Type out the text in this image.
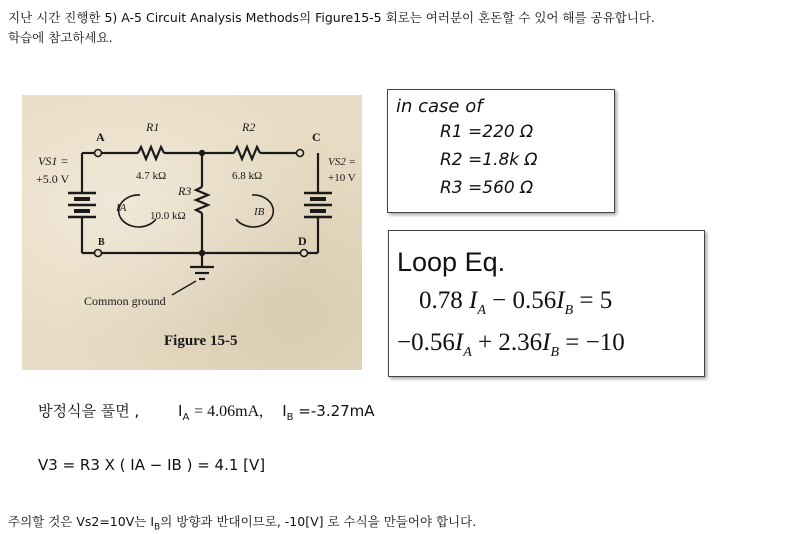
지난 시간 진행한 5) A-5 Circuit Analysis Methods의 Figure15-5 회로는 여러분이 혼돈할 수 있어 해를 공유합니다.
학습에 참고하세요.
A
B
C
D
R1
4.7 kΩ
R2
6.8 kΩ
R3
10.0 kΩ
VS1 =
+5.0 V
VS2 =
+10 V
IA	IB
Common ground
Figure 15-5
in case of
R1 =220 Ω
R2 =1.8k Ω
R3 =560 Ω
Loop Eq.
0.78 $I_A - 0.56I_B = 5$
$-0.56I_A + 2.36I_B = -10$
방정식을 풀면 ,	$I_A = 4.06mA$, $I_B =-3.27mA$
V3 = R3 X ( IA − IB ) = 4.1 [V]
주의할 것은 Vs2=10V는 $I_B$의 방향과 반대이므로, -10[V] 로 수식을 만들어야 합니다.
